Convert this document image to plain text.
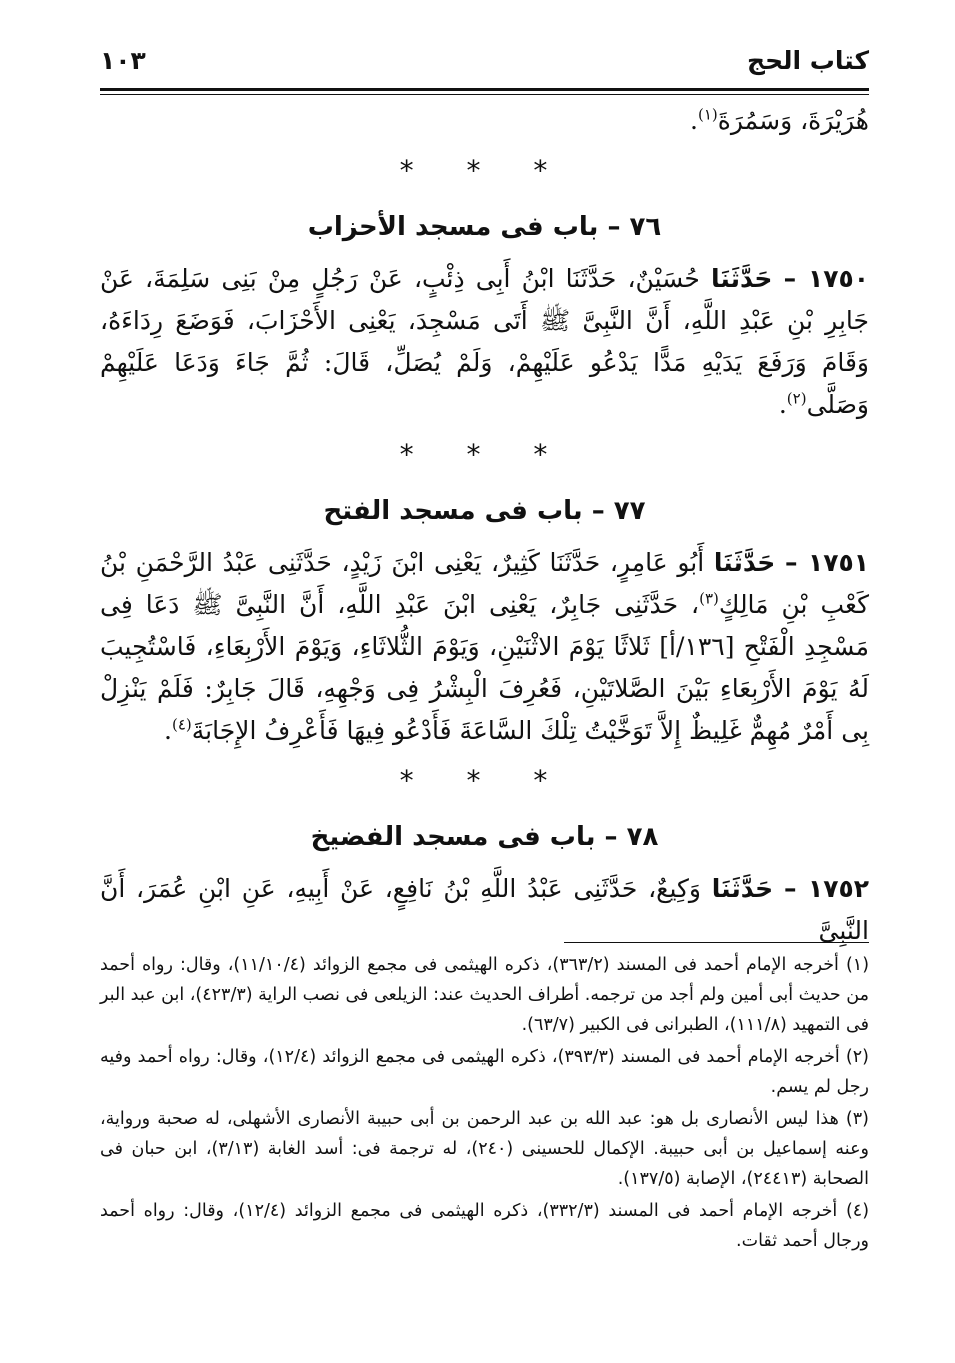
كتاب الحج
١٠٣
هُرَيْرَةَ، وَسَمُرَةَ$^{(١)}$.
* * *
٧٦ – باب فى مسجد الأحزاب
١٧٥٠ – حَدَّثَنَا حُسَيْنٌ، حَدَّثَنَا ابْنُ أَبِى ذِئْبٍ، عَنْ رَجُلٍ مِنْ بَنِى سَلِمَةَ، عَنْ جَابِرِ بْنِ عَبْدِ اللَّهِ، أَنَّ النَّبِىَّ ﷺ أَتَى مَسْجِدَ، يَعْنِى الأَحْزَابَ، فَوَضَعَ رِدَاءَهُ، وَقَامَ وَرَفَعَ يَدَيْهِ مَدًّا يَدْعُو عَلَيْهِمْ، وَلَمْ يُصَلِّ، قَالَ: ثُمَّ جَاءَ وَدَعَا عَلَيْهِمْ وَصَلَّى$^{(٢)}$.
* * *
٧٧ – باب فى مسجد الفتح
١٧٥١ – حَدَّثَنَا أَبُو عَامِرٍ، حَدَّثَنَا كَثِيرٌ، يَعْنِى ابْنَ زَيْدٍ، حَدَّثَنِى عَبْدُ الرَّحْمَنِ بْنُ كَعْبِ بْنِ مَالِكٍ$^{(٣)}$، حَدَّثَنِى جَابِرٌ، يَعْنِى ابْنَ عَبْدِ اللَّهِ، أَنَّ النَّبِىَّ ﷺ دَعَا فِى مَسْجِدِ الْفَتْحِ [١٣٦/أ] ثَلاثًا يَوْمَ الاثْنَيْنِ، وَيَوْمَ الثُّلاثَاءِ، وَيَوْمَ الأَرْبِعَاءِ، فَاسْتُجِيبَ لَهُ يَوْمَ الأَرْبِعَاءِ بَيْنَ الصَّلاتَيْنِ، فَعُرِفَ الْبِشْرُ فِى وَجْهِهِ، قَالَ جَابِرٌ: فَلَمْ يَنْزِلْ بِى أَمْرٌ مُهِمٌّ غَلِيظٌ إِلاَّ تَوَخَّيْتُ تِلْكَ السَّاعَةَ فَأَدْعُو فِيهَا فَأَعْرِفُ الإِجَابَةَ$^{(٤)}$.
* * *
٧٨ – باب فى مسجد الفضيخ
١٧٥٢ – حَدَّثَنَا وَكِيعٌ، حَدَّثَنِى عَبْدُ اللَّهِ بْنُ نَافِعٍ، عَنْ أَبِيهِ، عَنِ ابْنِ عُمَرَ، أَنَّ النَّبِىَّ
(١) أخرجه الإمام أحمد فى المسند (٣٦٣/٢)، ذكره الهيثمى فى مجمع الزوائد (١١/١٠/٤)، وقال: رواه أحمد من حديث أبى أمين ولم أجد من ترجمه. أطراف الحديث عند: الزيلعى فى نصب الراية (٤٢٣/٣)، ابن عبد البر فى التمهيد (١١١/٨)، الطبرانى فى الكبير (٦٣/٧).
(٢) أخرجه الإمام أحمد فى المسند (٣٩٣/٣)، ذكره الهيثمى فى مجمع الزوائد (١٢/٤)، وقال: رواه أحمد وفيه رجل لم يسم.
(٣) هذا ليس الأنصارى بل هو: عبد الله بن عبد الرحمن بن أبى حبيبة الأنصارى الأشهلى، له صحبة ورواية، وعنه إسماعيل بن أبى حبيبة. الإكمال للحسينى (٢٤٠)، له ترجمة فى: أسد الغابة (٣/١٣)، ابن حبان فى الصحابة (٢٤٤١٣)، الإصابة (١٣٧/٥).
(٤) أخرجه الإمام أحمد فى المسند (٣٣٢/٣)، ذكره الهيثمى فى مجمع الزوائد (١٢/٤)، وقال: رواه أحمد ورجال أحمد ثقات.
